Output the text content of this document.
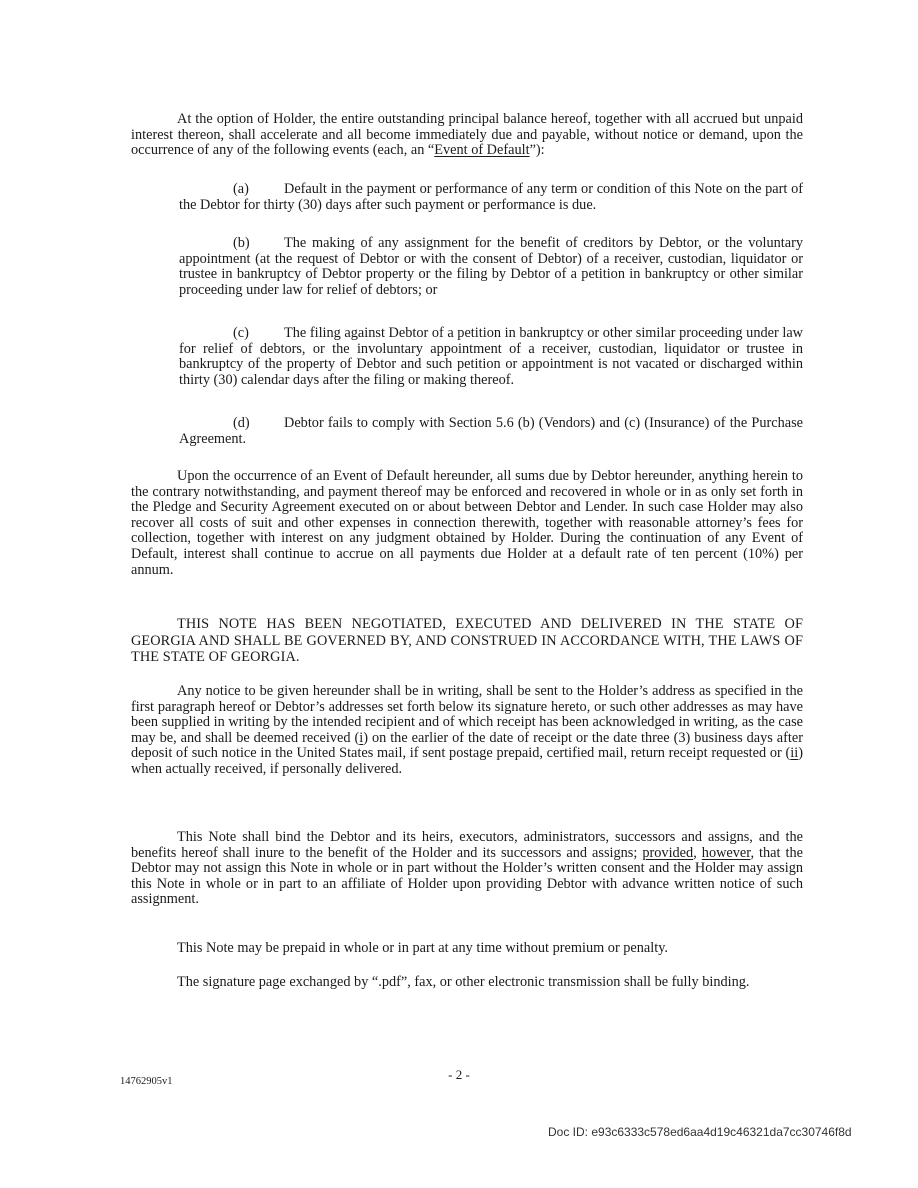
At the option of Holder, the entire outstanding principal balance hereof, together with all accrued but unpaid interest thereon, shall accelerate and all become immediately due and payable, without notice or demand, upon the occurrence of any of the following events (each, an “Event of Default”):

(a) Default in the payment or performance of any term or condition of this Note on the part of the Debtor for thirty (30) days after such payment or performance is due.

(b) The making of any assignment for the benefit of creditors by Debtor, or the voluntary appointment (at the request of Debtor or with the consent of Debtor) of a receiver, custodian, liquidator or trustee in bankruptcy of Debtor property or the filing by Debtor of a petition in bankruptcy or other similar proceeding under law for relief of debtors; or

(c) The filing against Debtor of a petition in bankruptcy or other similar proceeding under law for relief of debtors, or the involuntary appointment of a receiver, custodian, liquidator or trustee in bankruptcy of the property of Debtor and such petition or appointment is not vacated or discharged within thirty (30) calendar days after the filing or making thereof.

(d) Debtor fails to comply with Section 5.6 (b) (Vendors) and (c) (Insurance) of the Purchase Agreement.

Upon the occurrence of an Event of Default hereunder, all sums due by Debtor hereunder, anything herein to the contrary notwithstanding, and payment thereof may be enforced and recovered in whole or in as only set forth in the Pledge and Security Agreement executed on or about between Debtor and Lender. In such case Holder may also recover all costs of suit and other expenses in connection therewith, together with reasonable attorney’s fees for collection, together with interest on any judgment obtained by Holder. During the continuation of any Event of Default, interest shall continue to accrue on all payments due Holder at a default rate of ten percent (10%) per annum.

THIS NOTE HAS BEEN NEGOTIATED, EXECUTED AND DELIVERED IN THE STATE OF GEORGIA AND SHALL BE GOVERNED BY, AND CONSTRUED IN ACCORDANCE WITH, THE LAWS OF THE STATE OF GEORGIA.

Any notice to be given hereunder shall be in writing, shall be sent to the Holder’s address as specified in the first paragraph hereof or Debtor’s addresses set forth below its signature hereto, or such other addresses as may have been supplied in writing by the intended recipient and of which receipt has been acknowledged in writing, as the case may be, and shall be deemed received (i) on the earlier of the date of receipt or the date three (3) business days after deposit of such notice in the United States mail, if sent postage prepaid, certified mail, return receipt requested or (ii) when actually received, if personally delivered.

This Note shall bind the Debtor and its heirs, executors, administrators, successors and assigns, and the benefits hereof shall inure to the benefit of the Holder and its successors and assigns; provided, however, that the Debtor may not assign this Note in whole or in part without the Holder’s written consent and the Holder may assign this Note in whole or in part to an affiliate of Holder upon providing Debtor with advance written notice of such assignment.

This Note may be prepaid in whole or in part at any time without premium or penalty.

The signature page exchanged by “.pdf”, fax, or other electronic transmission shall be fully binding.

- 2 -
14762905v1
Doc ID: e93c6333c578ed6aa4d19c46321da7cc30746f8d
